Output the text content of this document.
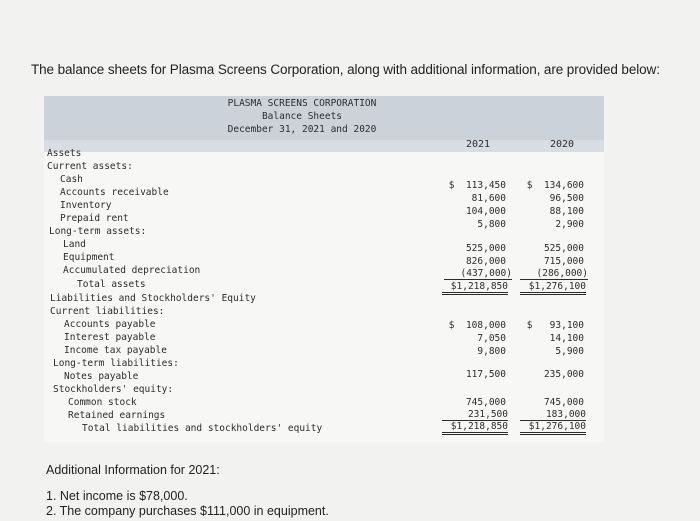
The balance sheets for Plasma Screens Corporation, along with additional information, are provided below:
PLASMA SCREENS CORPORATION
Balance Sheets
December 31, 2021 and 2020
2021	2020
Assets
Current assets:
Cash
Accounts receivable
Inventory
Prepaid rent
Long-term assets:
Land
Equipment
Accumulated depreciation
Total assets
Liabilities and Stockholders' Equity
Current liabilities:
Accounts payable
Interest payable
Income tax payable
Long-term liabilities:
Notes payable
Stockholders' equity:
Common stock
Retained earnings
Total liabilities and stockholders' equity
$  113,450
81,600
104,000
5,800
525,000
826,000
(437,000)
$1,218,850
$  108,000
7,050
9,800
117,500
745,000
231,500
$1,218,850
$  134,600
96,500
88,100
2,900
525,000
715,000
(286,000)
$1,276,100
$   93,100
14,100
5,900
235,000
745,000
183,000
$1,276,100
Additional Information for 2021:
1. Net income is $78,000.
2. The company purchases $111,000 in equipment.
